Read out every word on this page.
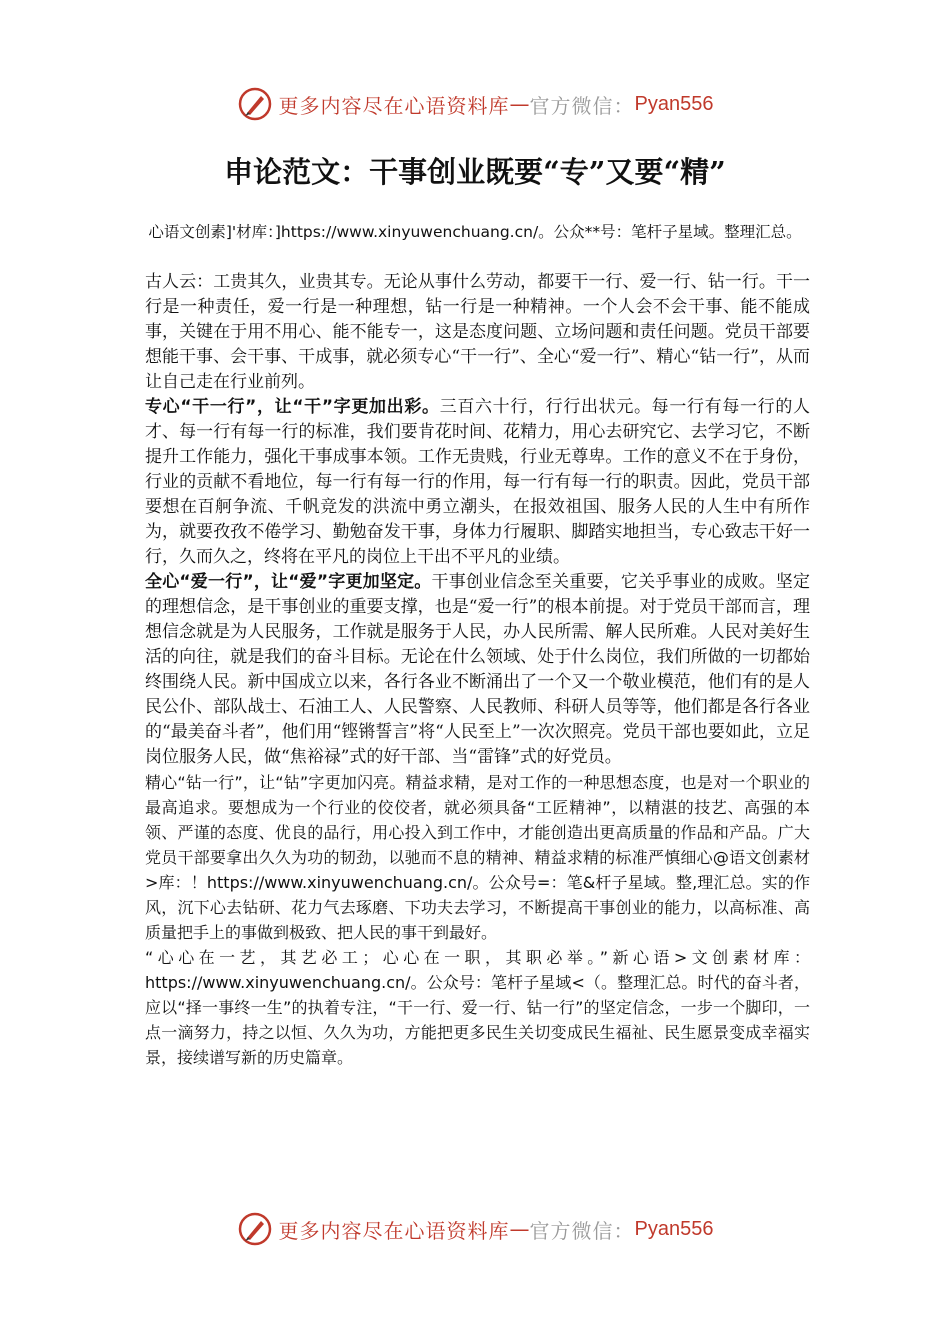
更多内容尽在心语资料库 — 官方微信： Pyan556
申论范文：干事创业既要“专”又要“精”
心语文创素]'材库：]https://www.xinyuwenchuang.cn/。公众**号：笔杆子星域。整理汇总。

古人云：工贵其久，业贵其专。无论从事什么劳动，都要干一行、爱一行、钻一行。干一行是一种责任，爱一行是一种理想，钻一行是一种精神。一个人会不会干事、能不能成事，关键在于用不用心、能不能专一，这是态度问题、立场问题和责任问题。党员干部要想能干事、会干事、干成事，就必须专心“干一行”、全心“爱一行”、精心“钻一行”，从而让自己走在行业前列。

专心“干一行”，让“干”字更加出彩。三百六十行，行行出状元。每一行有每一行的人才、每一行有每一行的标准，我们要肯花时间、花精力，用心去研究它、去学习它，不断提升工作能力，强化干事成事本领。工作无贵贱，行业无尊卑。工作的意义不在于身份，行业的贡献不看地位，每一行有每一行的作用，每一行有每一行的职责。因此，党员干部要想在百舸争流、千帆竞发的洪流中勇立潮头，在报效祖国、服务人民的人生中有所作为，就要孜孜不倦学习、勤勉奋发干事，身体力行履职、脚踏实地担当，专心致志干好一行，久而久之，终将在平凡的岗位上干出不平凡的业绩。

全心“爱一行”，让“爱”字更加坚定。干事创业信念至关重要，它关乎事业的成败。坚定的理想信念，是干事创业的重要支撑，也是“爱一行”的根本前提。对于党员干部而言，理想信念就是为人民服务，工作就是服务于人民，办人民所需、解人民所难。人民对美好生活的向往，就是我们的奋斗目标。无论在什么领域、处于什么岗位，我们所做的一切都始终围绕人民。新中国成立以来，各行各业不断涌出了一个又一个敬业模范，他们有的是人民公仆、部队战士、石油工人、人民警察、人民教师、科研人员等等，他们都是各行各业的“最美奋斗者”，他们用“铿锵誓言”将“人民至上”一次次照亮。党员干部也要如此，立足岗位服务人民，做“焦裕禄”式的好干部、当“雷锋”式的好党员。

精心“钻一行”，让“钻”字更加闪亮。精益求精，是对工作的一种思想态度，也是对一个职业的最高追求。要想成为一个行业的佼佼者，就必须具备“工匠精神”，以精湛的技艺、高强的本领、严谨的态度、优良的品行，用心投入到工作中，才能创造出更高质量的作品和产品。广大党员干部要拿出久久为功的韧劲，以驰而不息的精神、精益求精的标准严慎细心@语文创素材>库：！https://www.xinyuwenchuang.cn/。公众号=：笔&杆子星域。整,理汇总。实的作风，沉下心去钻研、花力气去琢磨、下功夫去学习，不断提高干事创业的能力，以高标准、高质量把手上的事做到极致、把人民的事干到最好。

“心心在一艺，其艺必工；心心在一职，其职必举。”新心语>文创素材库：https://www.xinyuwenchuang.cn/。公众号：笔杆子星域<（。整理汇总。时代的奋斗者，应以“择一事终一生”的执着专注，“干一行、爱一行、钻一行”的坚定信念，一步一个脚印，一点一滴努力，持之以恒、久久为功，方能把更多民生关切变成民生福祉、民生愿景变成幸福实景，接续谱写新的历史篇章。

更多内容尽在心语资料库 — 官方微信： Pyan556
